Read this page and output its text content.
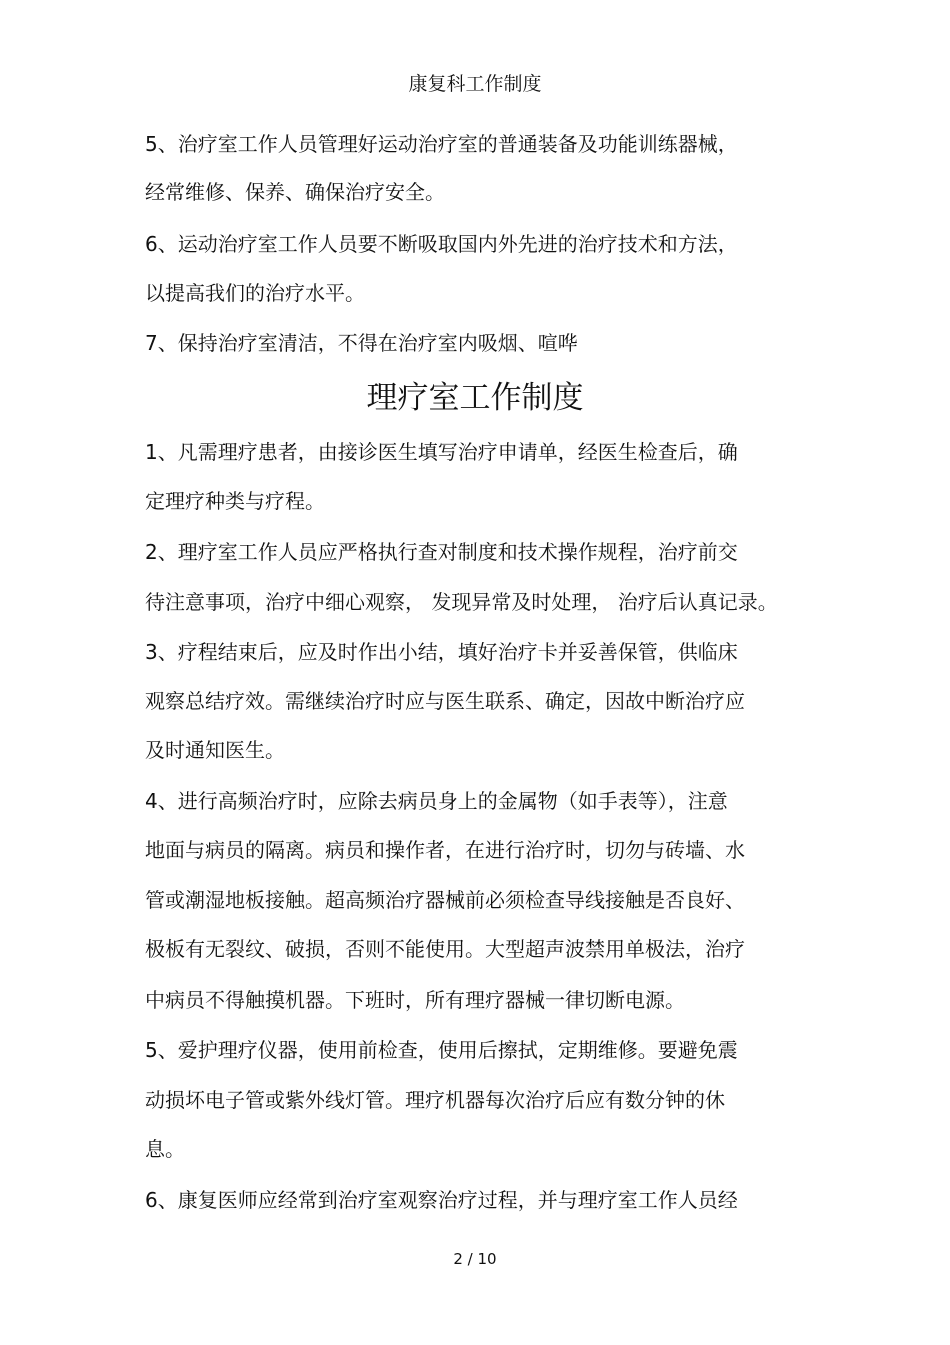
康复科工作制度
5、治疗室工作人员管理好运动治疗室的普通装备及功能训练器械，
经常维修、保养、确保治疗安全。
6、运动治疗室工作人员要不断吸取国内外先进的治疗技术和方法，
以提高我们的治疗水平。
7、保持治疗室清洁，不得在治疗室内吸烟、喧哗
理疗室工作制度
1、凡需理疗患者，由接诊医生填写治疗申请单，经医生检查后，确
定理疗种类与疗程。
2、理疗室工作人员应严格执行查对制度和技术操作规程，治疗前交
待注意事项，治疗中细心观察， 发现异常及时处理， 治疗后认真记录。
3、疗程结束后，应及时作出小结，填好治疗卡并妥善保管，供临床
观察总结疗效。需继续治疗时应与医生联系、确定，因故中断治疗应
及时通知医生。
4、进行高频治疗时，应除去病员身上的金属物（如手表等），注意
地面与病员的隔离。病员和操作者，在进行治疗时，切勿与砖墙、水
管或潮湿地板接触。超高频治疗器械前必须检查导线接触是否良好、
极板有无裂纹、破损，否则不能使用。大型超声波禁用单极法，治疗
中病员不得触摸机器。下班时，所有理疗器械一律切断电源。
5、爱护理疗仪器，使用前检查，使用后擦拭，定期维修。要避免震
动损坏电子管或紫外线灯管。理疗机器每次治疗后应有数分钟的休
息。
6、康复医师应经常到治疗室观察治疗过程，并与理疗室工作人员经
2 / 10
